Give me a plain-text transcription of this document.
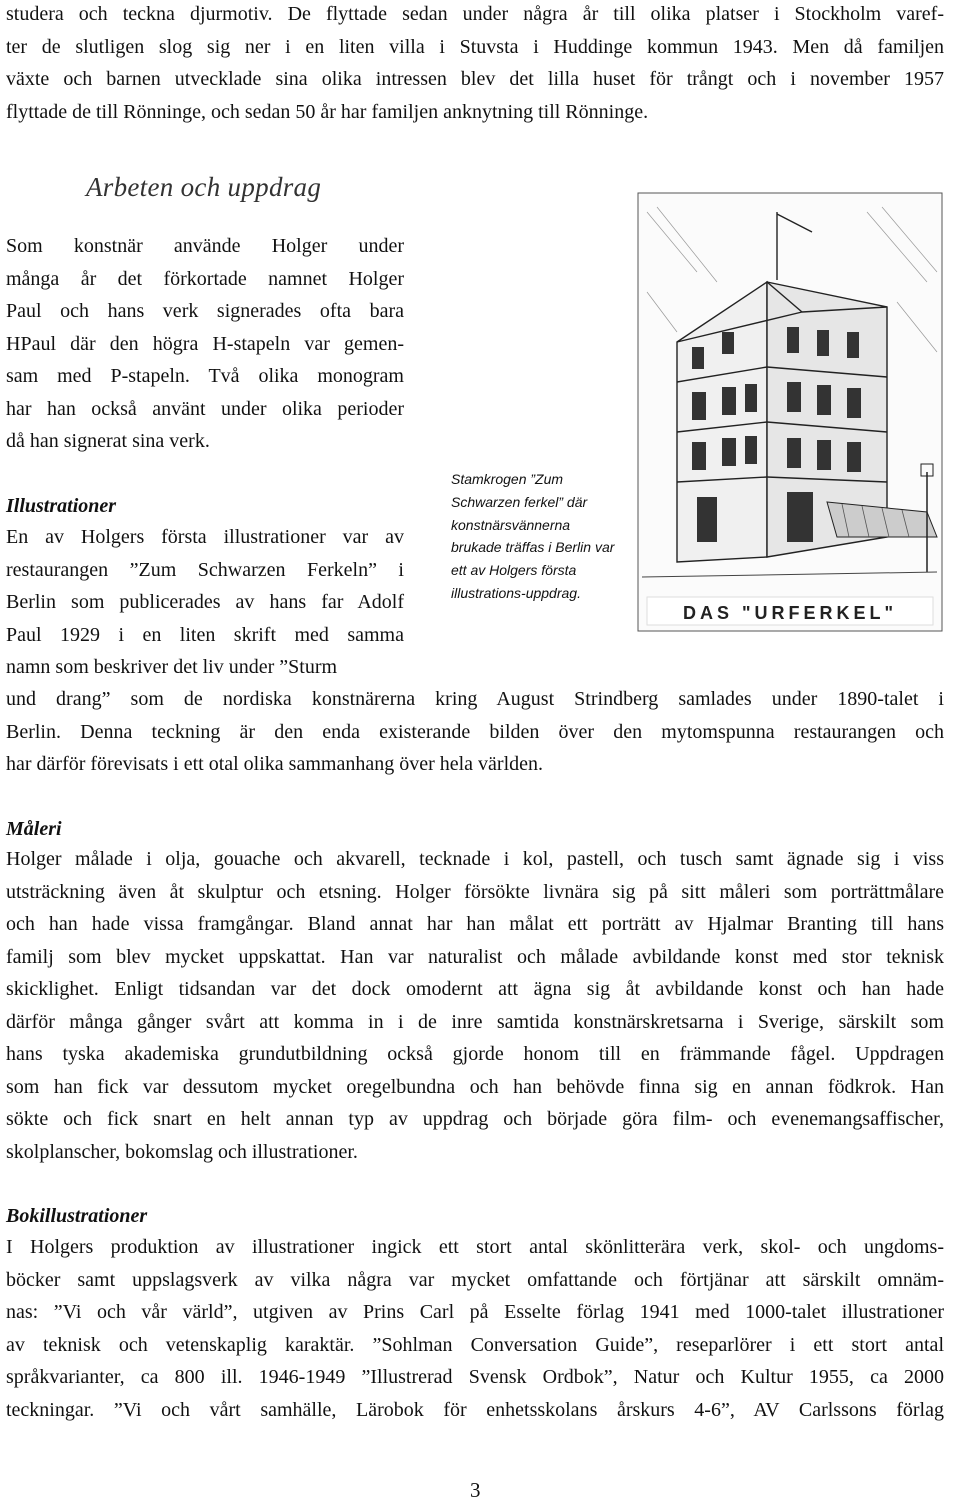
studera och teckna djurmotiv. De flyttade sedan under några år till olika platser i Stockholm varef-
ter de slutligen slog sig ner i en liten villa i Stuvsta i Huddinge kommun 1943. Men då familjen
växte och barnen utvecklade sina olika intressen blev det lilla huset för trångt och i november 1957
flyttade de till Rönninge, och sedan 50 år har familjen anknytning till Rönninge.
Arbeten och uppdrag
Som konstnär använde Holger under
många år det förkortade namnet Holger
Paul och hans verk signerades ofta bara
HPaul där den högra H-stapeln var gemen-
sam med P-stapeln. Två olika monogram
har han också använt under olika perioder
då han signerat sina verk.
Illustrationer
En av Holgers första illustrationer var av
restaurangen ”Zum Schwarzen Ferkeln” i
Berlin som publicerades av hans far Adolf
Paul 1929 i en liten skrift med samma
namn som beskriver det liv under ”Sturm
und drang” som de nordiska konstnärerna kring August Strindberg samlades under 1890-talet i
Berlin. Denna teckning är den enda existerande bilden över den mytomspunna restaurangen och
har därför förevisats i ett otal olika sammanhang över hela världen.
Stamkrogen ”Zum Schwarzen ferkel” där konstnärsvännerna brukade träffas i Berlin var ett av Holgers första illustrations-uppdrag.
DAS "URFERKEL"
Måleri
Holger målade i olja, gouache och akvarell, tecknade i kol, pastell, och tusch samt ägnade sig i viss
utsträckning även åt skulptur och etsning. Holger försökte livnära sig på sitt måleri som porträttmålare
och han hade vissa framgångar. Bland annat har han målat ett porträtt av Hjalmar Branting till hans
familj som blev mycket uppskattat. Han var naturalist och målade avbildande konst med stor teknisk
skicklighet. Enligt tidsandan var det dock omodernt att ägna sig åt avbildande konst och han hade
därför många gånger svårt att komma in i de inre samtida konstnärskretsarna i Sverige, särskilt som
hans tyska akademiska grundutbildning också gjorde honom till en främmande fågel. Uppdragen
som han fick var dessutom mycket oregelbundna och han behövde finna sig en annan födkrok. Han
sökte och fick snart en helt annan typ av uppdrag och började göra film- och evenemangsaffischer,
skolplanscher, bokomslag och illustrationer.
Bokillustrationer
I Holgers produktion av illustrationer ingick ett stort antal skönlitterära verk, skol- och ungdoms-
böcker samt uppslagsverk av vilka några var mycket omfattande och förtjänar att särskilt omnäm-
nas: ”Vi och vår värld”, utgiven av Prins Carl på Esselte förlag 1941 med 1000-talet illustrationer
av teknisk och vetenskaplig karaktär. ”Sohlman Conversation Guide”, reseparlörer i ett stort antal
språkvarianter, ca 800 ill. 1946-1949 ”Illustrerad Svensk Ordbok”, Natur och Kultur 1955, ca 2000
teckningar. ”Vi och vårt samhälle, Lärobok för enhetsskolans årskurs 4-6”, AV Carlssons förlag
3
